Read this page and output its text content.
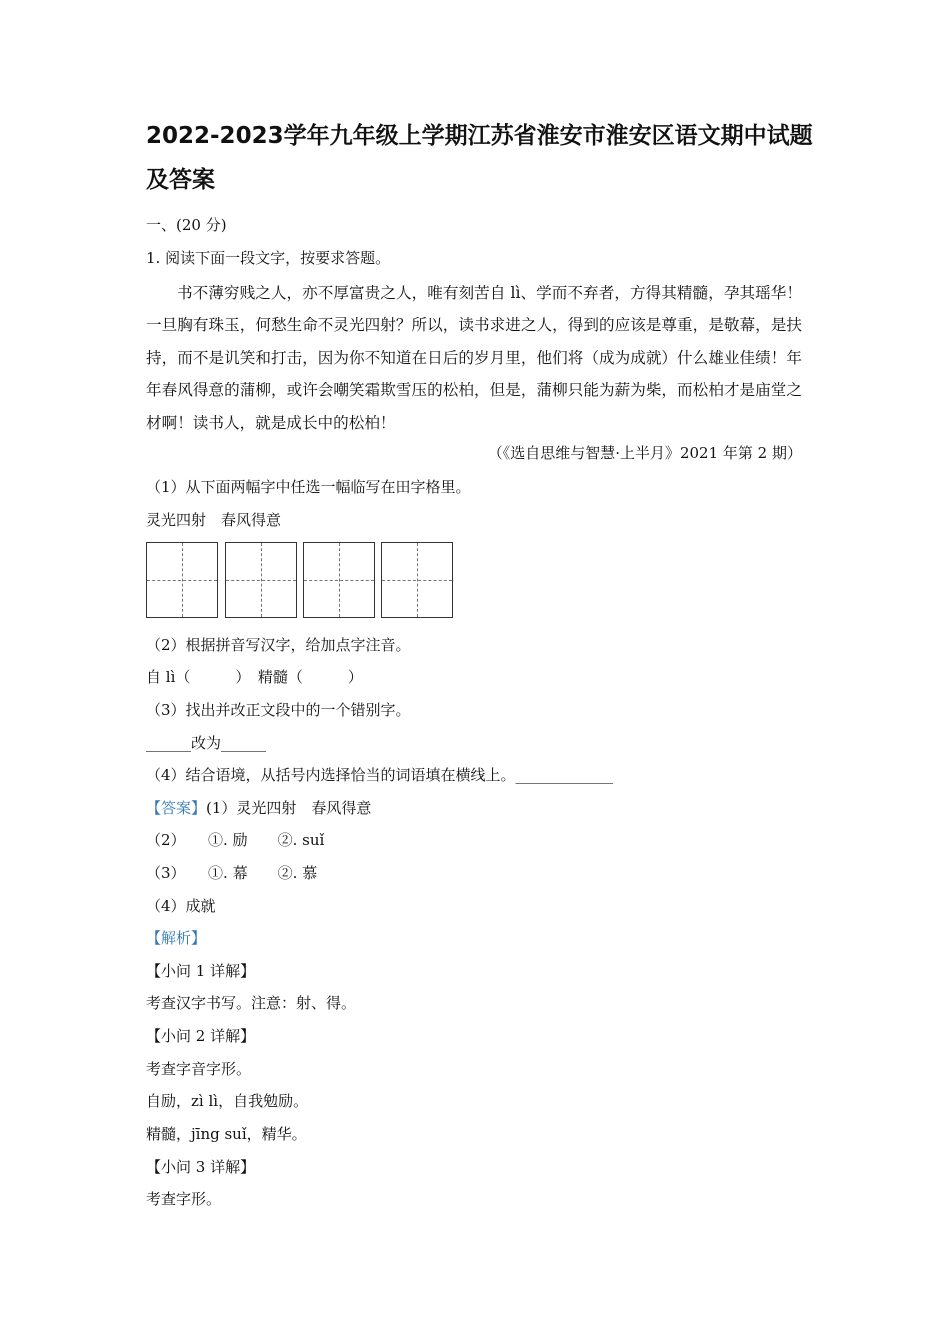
2022-2023学年九年级上学期江苏省淮安市淮安区语文期中试题及答案
一、(20 分)
1. 阅读下面一段文字，按要求答题。
书不薄穷贱之人，亦不厚富贵之人，唯有刻苦自 lì、学而不弃者，方得其精髓，孕其瑶华！一旦胸有珠玉，何愁生命不灵光四射？所以，读书求进之人，得到的应该是尊重，是敬幕，是扶持，而不是讥笑和打击，因为你不知道在日后的岁月里，他们将（成为成就）什么雄业佳绩！年年春风得意的蒲柳，或许会嘲笑霜欺雪压的松柏，但是，蒲柳只能为薪为柴，而松柏才是庙堂之材啊！读书人，就是成长中的松柏！
（《选自思维与智慧·上半月》2021 年第 2 期）
（1）从下面两幅字中任选一幅临写在田字格里。
灵光四射　春风得意
（2）根据拼音写汉字，给加点字注音。
自 lì（　　　）　精髓（　　　）
（3）找出并改正文段中的一个错别字。
______改为______
（4）结合语境，从括号内选择恰当的词语填在横线上。_____________
【答案】(1）灵光四射　春风得意
（2）　　①. 励　　②. suǐ
（3）　　①. 幕　　②. 慕
（4）成就
【解析】
【小问 1 详解】
考查汉字书写。注意：射、得。
【小问 2 详解】
考查字音字形。
自励，zì lì，自我勉励。
精髓，jīng suǐ，精华。
【小问 3 详解】
考查字形。
